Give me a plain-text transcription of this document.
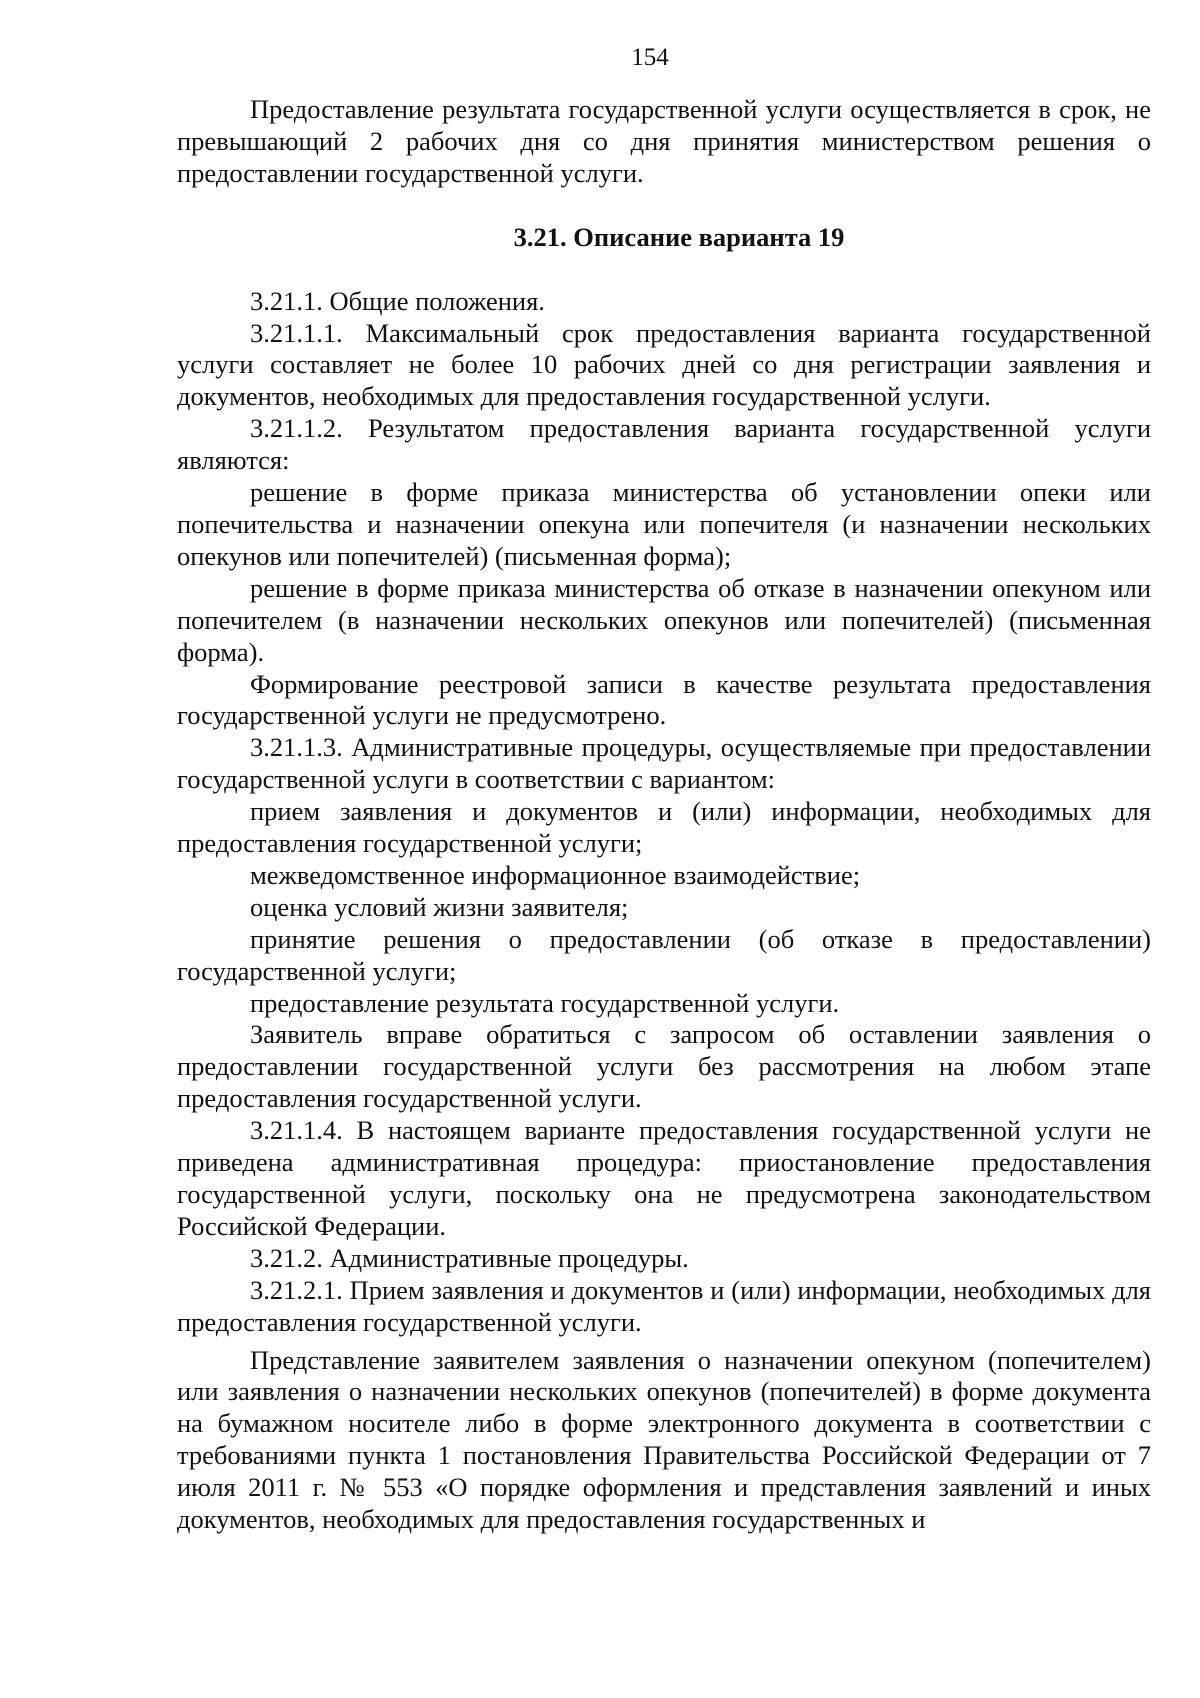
154

Предоставление результата государственной услуги осуществляется в срок, не превышающий 2 рабочих дня со дня принятия министерством решения о предоставлении государственной услуги.

3.21. Описание варианта 19

3.21.1. Общие положения.

3.21.1.1. Максимальный срок предоставления варианта государственной услуги составляет не более 10 рабочих дней со дня регистрации заявления и документов, необходимых для предоставления государственной услуги.

3.21.1.2. Результатом предоставления варианта государственной услуги являются:

решение в форме приказа министерства об установлении опеки или попечительства и назначении опекуна или попечителя (и назначении нескольких опекунов или попечителей) (письменная форма);

решение в форме приказа министерства об отказе в назначении опекуном или попечителем (в назначении нескольких опекунов или попечителей) (письменная форма).

Формирование реестровой записи в качестве результата предоставления государственной услуги не предусмотрено.

3.21.1.3. Административные процедуры, осуществляемые при предоставлении государственной услуги в соответствии с вариантом:

прием заявления и документов и (или) информации, необходимых для предоставления государственной услуги;

межведомственное информационное взаимодействие;

оценка условий жизни заявителя;

принятие решения о предоставлении (об отказе в предоставлении) государственной услуги;

предоставление результата государственной услуги.

Заявитель вправе обратиться с запросом об оставлении заявления о предоставлении государственной услуги без рассмотрения на любом этапе предоставления государственной услуги.

3.21.1.4. В настоящем варианте предоставления государственной услуги не приведена административная процедура: приостановление предоставления государственной услуги, поскольку она не предусмотрена законодательством Российской Федерации.

3.21.2. Административные процедуры.

3.21.2.1. Прием заявления и документов и (или) информации, необходимых для предоставления государственной услуги.

Представление заявителем заявления о назначении опекуном (попечителем) или заявления о назначении нескольких опекунов (попечителей) в форме документа на бумажном носителе либо в форме электронного документа в соответствии с требованиями пункта 1 постановления Правительства Российской Федерации от 7 июля 2011 г. № 553 «О порядке оформления и представления заявлений и иных документов, необходимых для предоставления государственных и
